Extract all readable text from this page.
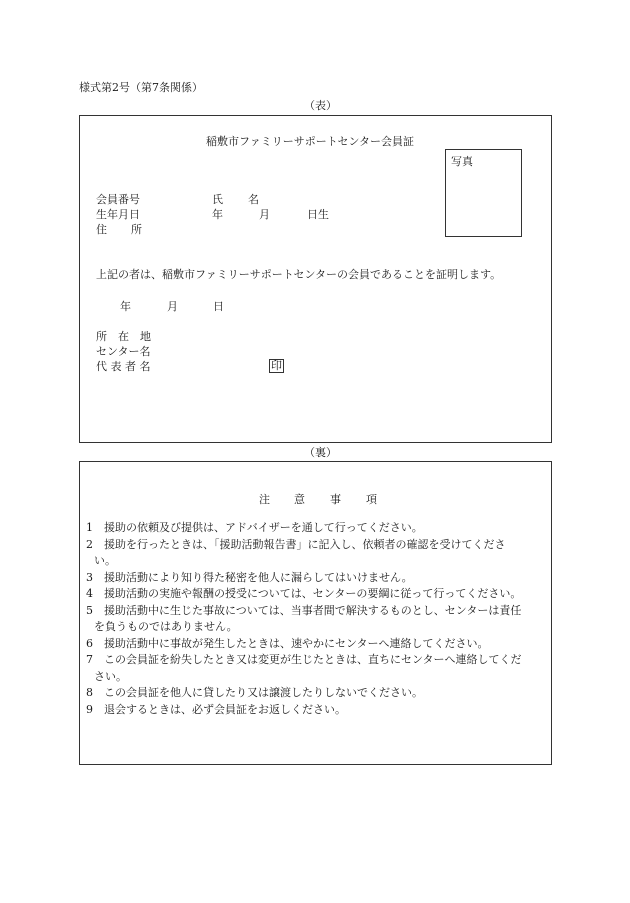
様式第2号（第7条関係）
（表）
稲敷市ファミリーサポートセンター会員証
写真
会員番号	氏 名
生年月日	年	月	日生
住 所
上記の者は、稲敷市ファミリーサポートセンターの会員であることを証明します。
年	月	日
所　在　地
センター名
代 表 者 名	印
（裏）
注 意 事 項
1　援助の依頼及び提供は、アドバイザーを通して行ってください。
2　援助を行ったときは、「援助活動報告書」に記入し、依頼者の確認を受けてくださ
い。
3　援助活動により知り得た秘密を他人に漏らしてはいけません。
4　援助活動の実施や報酬の授受については、センターの要綱に従って行ってください。
5　援助活動中に生じた事故については、当事者間で解決するものとし、センターは責任
を負うものではありません。
6　援助活動中に事故が発生したときは、速やかにセンターへ連絡してください。
7　この会員証を紛失したとき又は変更が生じたときは、直ちにセンターへ連絡してくだ
さい。
8　この会員証を他人に貸したり又は譲渡したりしないでください。
9　退会するときは、必ず会員証をお返しください。
